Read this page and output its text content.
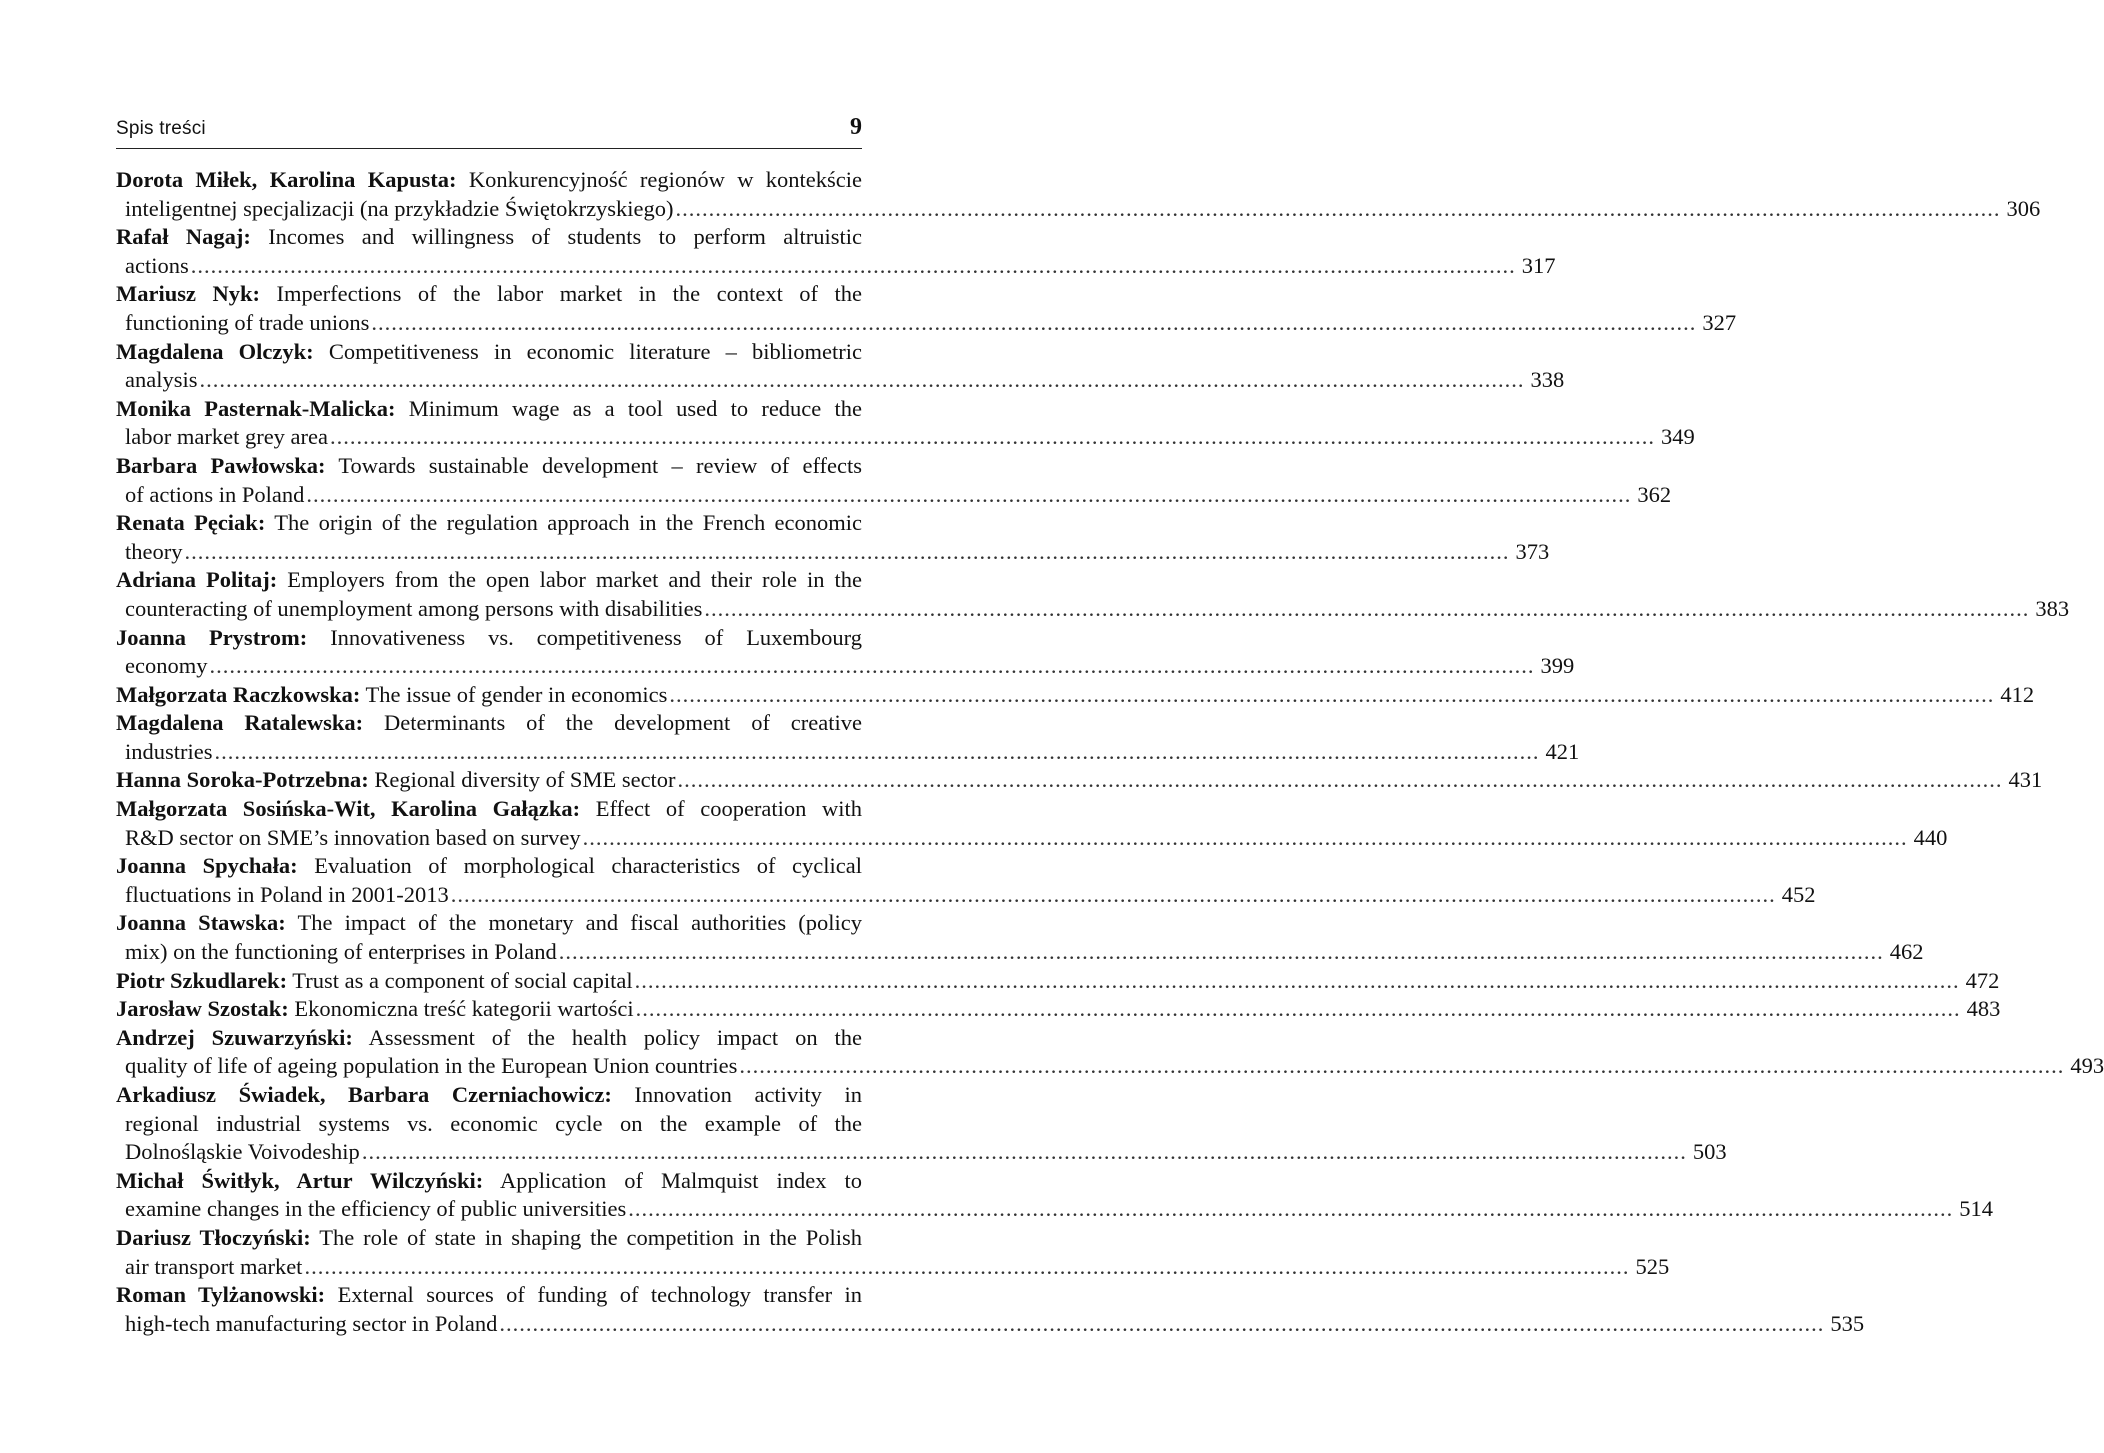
Spis treści	9
Dorota Miłek, Karolina Kapusta: Konkurencyjność regionów w kontekście
inteligentnej specjalizacji (na przykładzie Świętokrzyskiego) .....	306
Rafał Nagaj: Incomes and willingness of students to perform altruistic
actions .....	317
Mariusz Nyk: Imperfections of the labor market in the context of the
functioning of trade unions .....	327
Magdalena Olczyk: Competitiveness in economic literature – bibliometric
analysis .....	338
Monika Pasternak-Malicka: Minimum wage as a tool used to reduce the
labor market grey area .....	349
Barbara Pawłowska: Towards sustainable development – review of effects
of actions in Poland .....	362
Renata Pęciak: The origin of the regulation approach in the French economic
theory .....	373
Adriana Politaj: Employers from the open labor market and their role in the
counteracting of unemployment among persons with disabilities .....	383
Joanna Prystrom: Innovativeness vs. competitiveness of Luxembourg
economy .....	399
Małgorzata Raczkowska: The issue of gender in economics .....	412
Magdalena Ratalewska: Determinants of the development of creative
industries .....	421
Hanna Soroka-Potrzebna: Regional diversity of SME sector .....	431
Małgorzata Sosińska-Wit, Karolina Gałązka: Effect of cooperation with
R&D sector on SME’s innovation based on survey .....	440
Joanna Spychała: Evaluation of morphological characteristics of cyclical
fluctuations in Poland in 2001-2013 .....	452
Joanna Stawska: The impact of the monetary and fiscal authorities (policy
mix) on the functioning of enterprises in Poland .....	462
Piotr Szkudlarek: Trust as a component of social capital .....	472
Jarosław Szostak: Ekonomiczna treść kategorii wartości .....	483
Andrzej Szuwarzyński: Assessment of the health policy impact on the
quality of life of ageing population in the European Union countries .....	493
Arkadiusz Świadek, Barbara Czerniachowicz: Innovation activity in
regional industrial systems vs. economic cycle on the example of the
Dolnośląskie Voivodeship .....	503
Michał Świtłyk, Artur Wilczyński: Application of Malmquist index to
examine changes in the efficiency of public universities .....	514
Dariusz Tłoczyński: The role of state in shaping the competition in the Polish
air transport market .....	525
Roman Tylżanowski: External sources of funding of technology transfer in
high-tech manufacturing sector in Poland .....	535
